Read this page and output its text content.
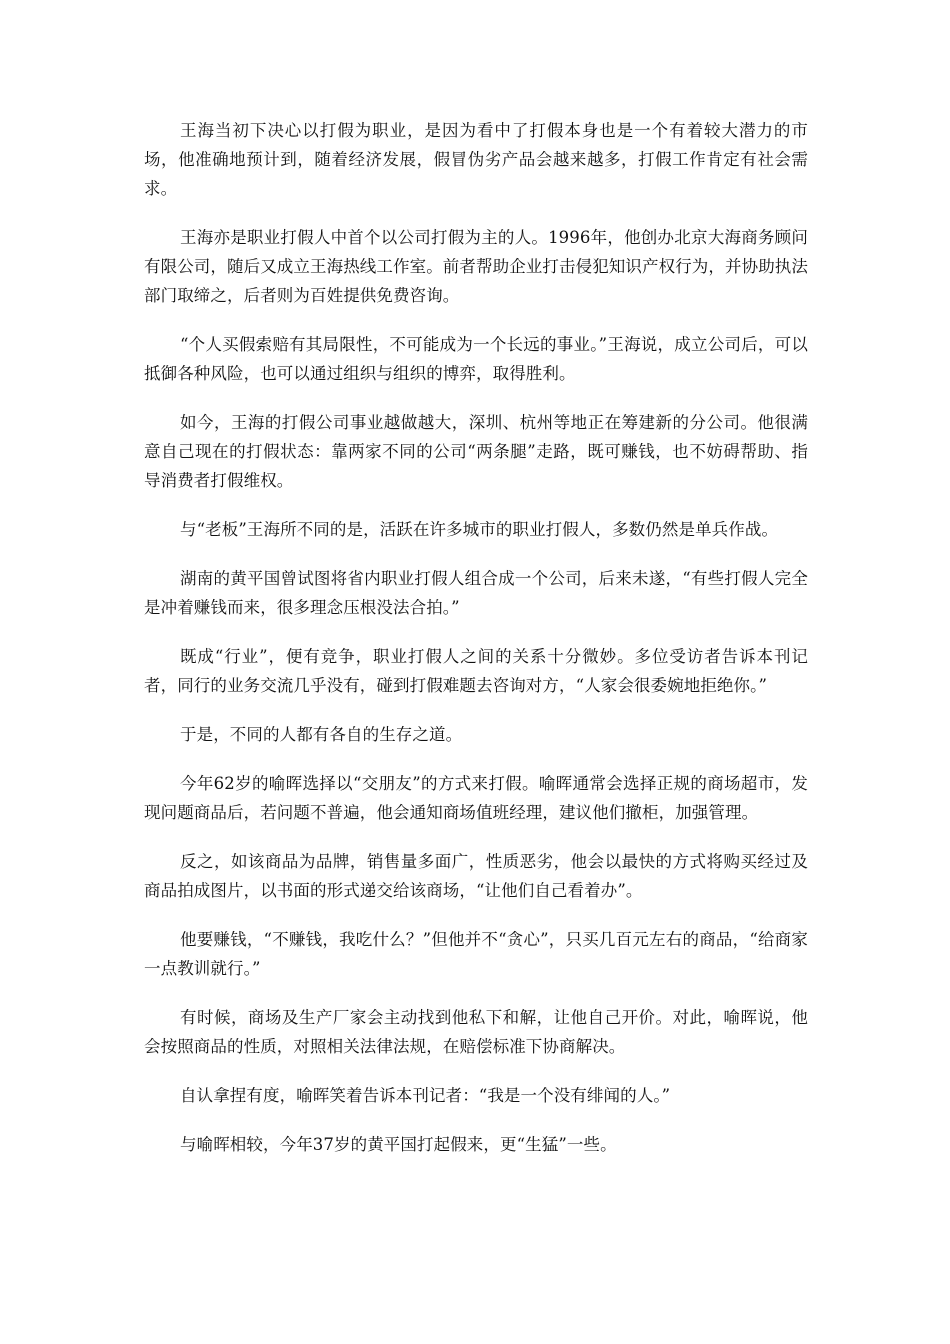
王海当初下决心以打假为职业，是因为看中了打假本身也是一个有着较大潜力的市场，他准确地预计到，随着经济发展，假冒伪劣产品会越来越多，打假工作肯定有社会需求。

王海亦是职业打假人中首个以公司打假为主的人。1996年，他创办北京大海商务顾问有限公司，随后又成立王海热线工作室。前者帮助企业打击侵犯知识产权行为，并协助执法部门取缔之，后者则为百姓提供免费咨询。

“个人买假索赔有其局限性，不可能成为一个长远的事业。”王海说，成立公司后，可以抵御各种风险，也可以通过组织与组织的博弈，取得胜利。

如今，王海的打假公司事业越做越大，深圳、杭州等地正在筹建新的分公司。他很满意自己现在的打假状态：靠两家不同的公司“两条腿”走路，既可赚钱，也不妨碍帮助、指导消费者打假维权。

与“老板”王海所不同的是，活跃在许多城市的职业打假人，多数仍然是单兵作战。

湖南的黄平国曾试图将省内职业打假人组合成一个公司，后来未遂，“有些打假人完全是冲着赚钱而来，很多理念压根没法合拍。”

既成“行业”，便有竞争，职业打假人之间的关系十分微妙。多位受访者告诉本刊记者，同行的业务交流几乎没有，碰到打假难题去咨询对方，“人家会很委婉地拒绝你。”

于是，不同的人都有各自的生存之道。

今年62岁的喻晖选择以“交朋友”的方式来打假。喻晖通常会选择正规的商场超市，发现问题商品后，若问题不普遍，他会通知商场值班经理，建议他们撤柜，加强管理。

反之，如该商品为品牌，销售量多面广，性质恶劣，他会以最快的方式将购买经过及商品拍成图片，以书面的形式递交给该商场，“让他们自己看着办”。

他要赚钱，“不赚钱，我吃什么？”但他并不“贪心”，只买几百元左右的商品，“给商家一点教训就行。”

有时候，商场及生产厂家会主动找到他私下和解，让他自己开价。对此，喻晖说，他会按照商品的性质，对照相关法律法规，在赔偿标准下协商解决。

自认拿捏有度，喻晖笑着告诉本刊记者：“我是一个没有绯闻的人。”

与喻晖相较，今年37岁的黄平国打起假来，更“生猛”一些。
